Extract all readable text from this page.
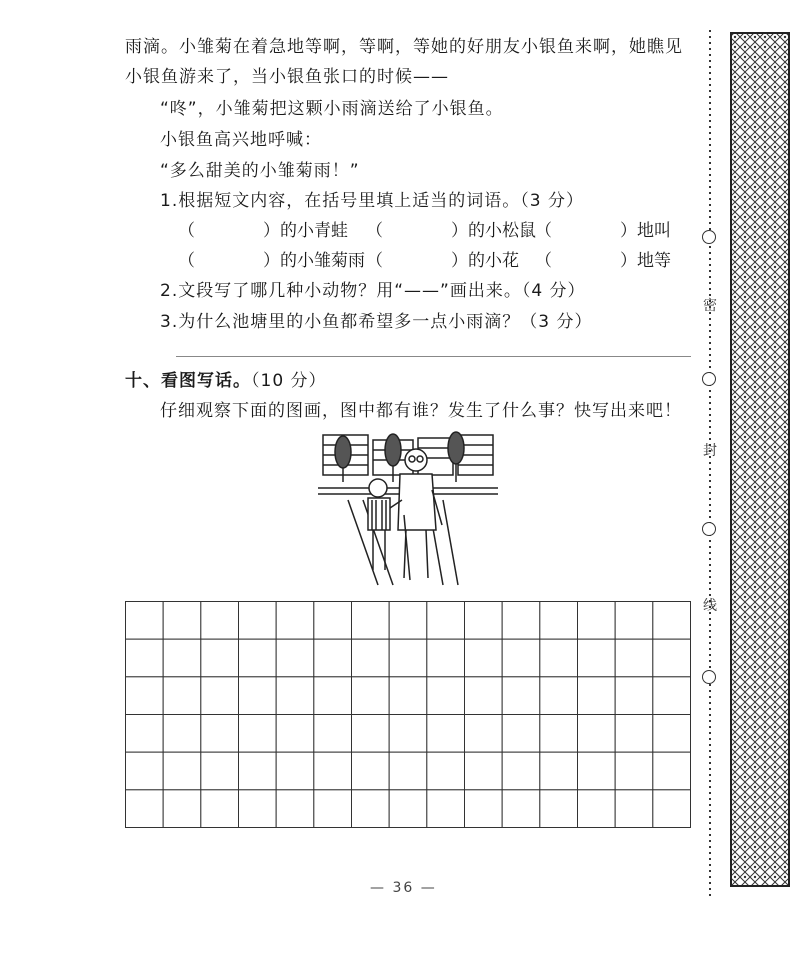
雨滴。小雏菊在着急地等啊，等啊，等她的好朋友小银鱼来啊，她瞧见
小银鱼游来了，当小银鱼张口的时候——
“咚”，小雏菊把这颗小雨滴送给了小银鱼。
小银鱼高兴地呼喊：
“多么甜美的小雏菊雨！”
1.根据短文内容，在括号里填上适当的词语。（3 分）
（　　　　）的小青蛙 （　　　　）的小松鼠 （　　　　）地叫
（　　　　）的小雏菊雨 （　　　　）的小花 （　　　　）地等
2.文段写了哪几种小动物？用“——”画出来。（4 分）
3.为什么池塘里的小鱼都希望多一点小雨滴？（3 分）
十、看图写话。（10 分）
仔细观察下面的图画，图中都有谁？发生了什么事？快写出来吧！
密
封
线
— 36 —
